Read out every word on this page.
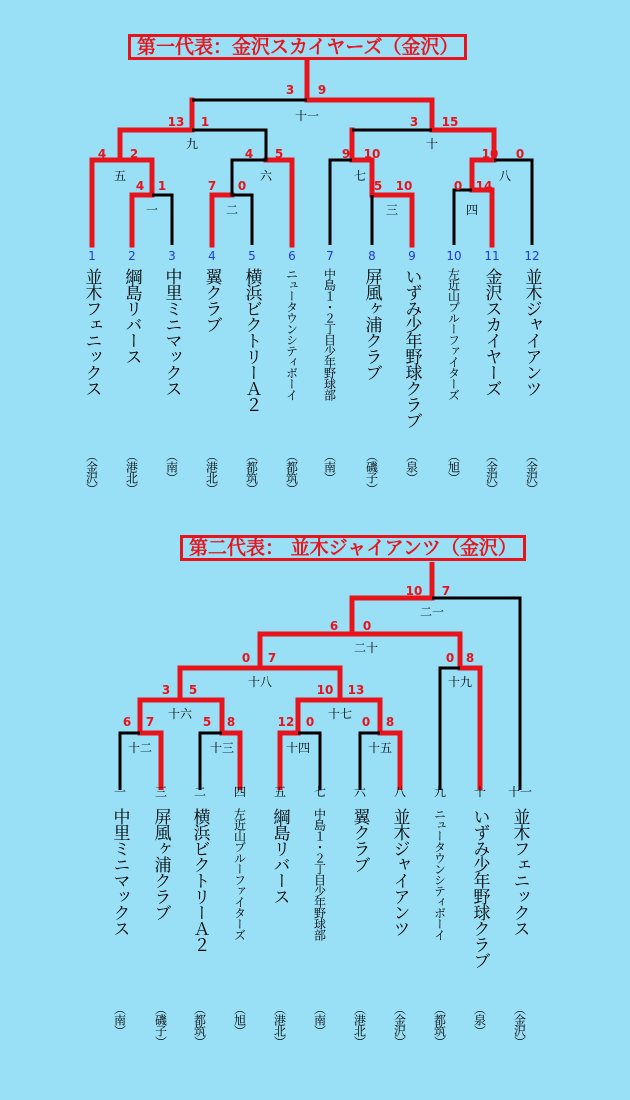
第一代表：金沢スカイヤーズ（金沢）
一
4 1
二
7 0
三
5 10
四
0 14
五
4 2
六
4 5
七
9 10
八
10 0
九
13 1
十
3 15
十一
3 9
1
並木フェニックス
（金沢）
2
綱島リバース
（港北）
3
中里ミニマックス
（南）
4
翼クラブ
（港北）
5
横浜ビクトリーＡ２
（都筑）
6
ニュータウンシティボーイ
（都筑）
7
中島１・２丁目少年野球部
（南）
8
屏風ヶ浦クラブ
（磯子）
9
いずみ少年野球クラブ
（泉）
10
左近山ブルーファイターズ
（旭）
11
金沢スカイヤーズ
（金沢）
12
並木ジャイアンツ
（金沢）
第二代表： 並木ジャイアンツ（金沢）
十二
6 7
十三
5 8
十四
12 0
十五
0 8
十六
3 5
十七
10 13
十八
0 7
十九
0 8
二十
6 0
二一
10 7
一
中里ミニマックス
（南）
三
屏風ヶ浦クラブ
（磯子）
二
横浜ビクトリーＡ２
（都筑）
四
左近山ブルーファイターズ
（旭）
五
綱島リバース
（港北）
七
中島１・２丁目少年野球部
（南）
六
翼クラブ
（港北）
八
並木ジャイアンツ
（金沢）
九
ニュータウンシティボーイ
（都筑）
十
いずみ少年野球クラブ
（泉）
十一
並木フェニックス
（金沢）
